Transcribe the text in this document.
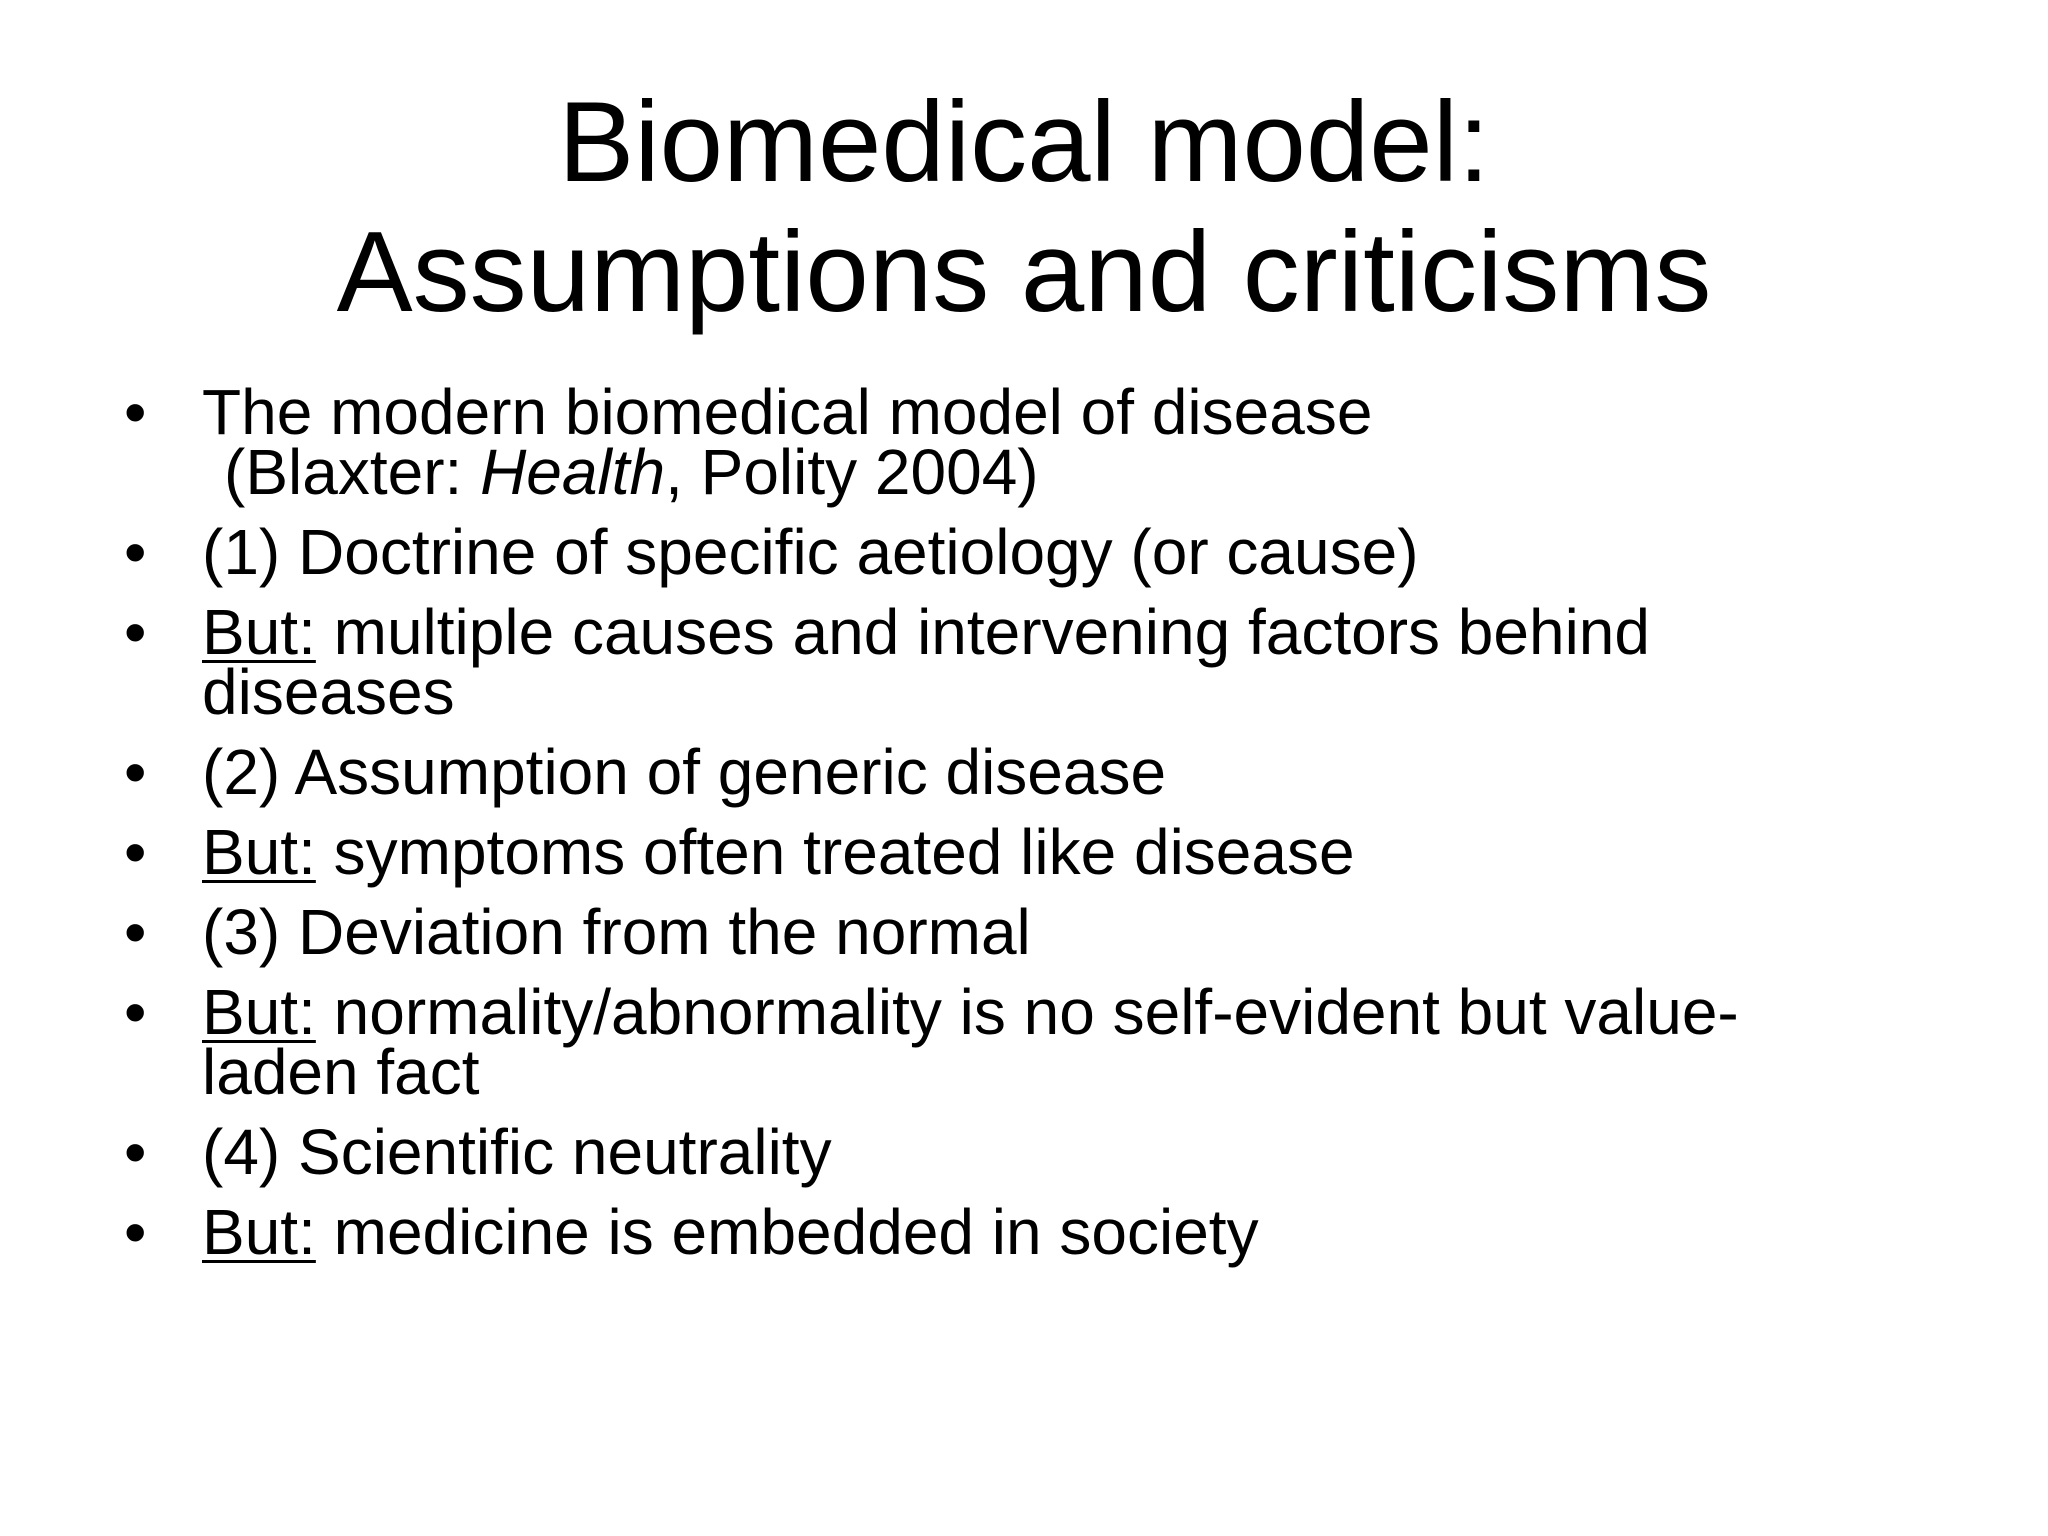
Biomedical model:
Assumptions and criticisms
• The modern biomedical model of disease
(Blaxter: Health, Polity 2004)
• (1) Doctrine of specific aetiology (or cause)
• But: multiple causes and intervening factors behind
diseases
• (2) Assumption of generic disease
• But: symptoms often treated like disease
• (3) Deviation from the normal
• But: normality/abnormality is no self-evident but value-
laden fact
• (4) Scientific neutrality
• But: medicine is embedded in society
